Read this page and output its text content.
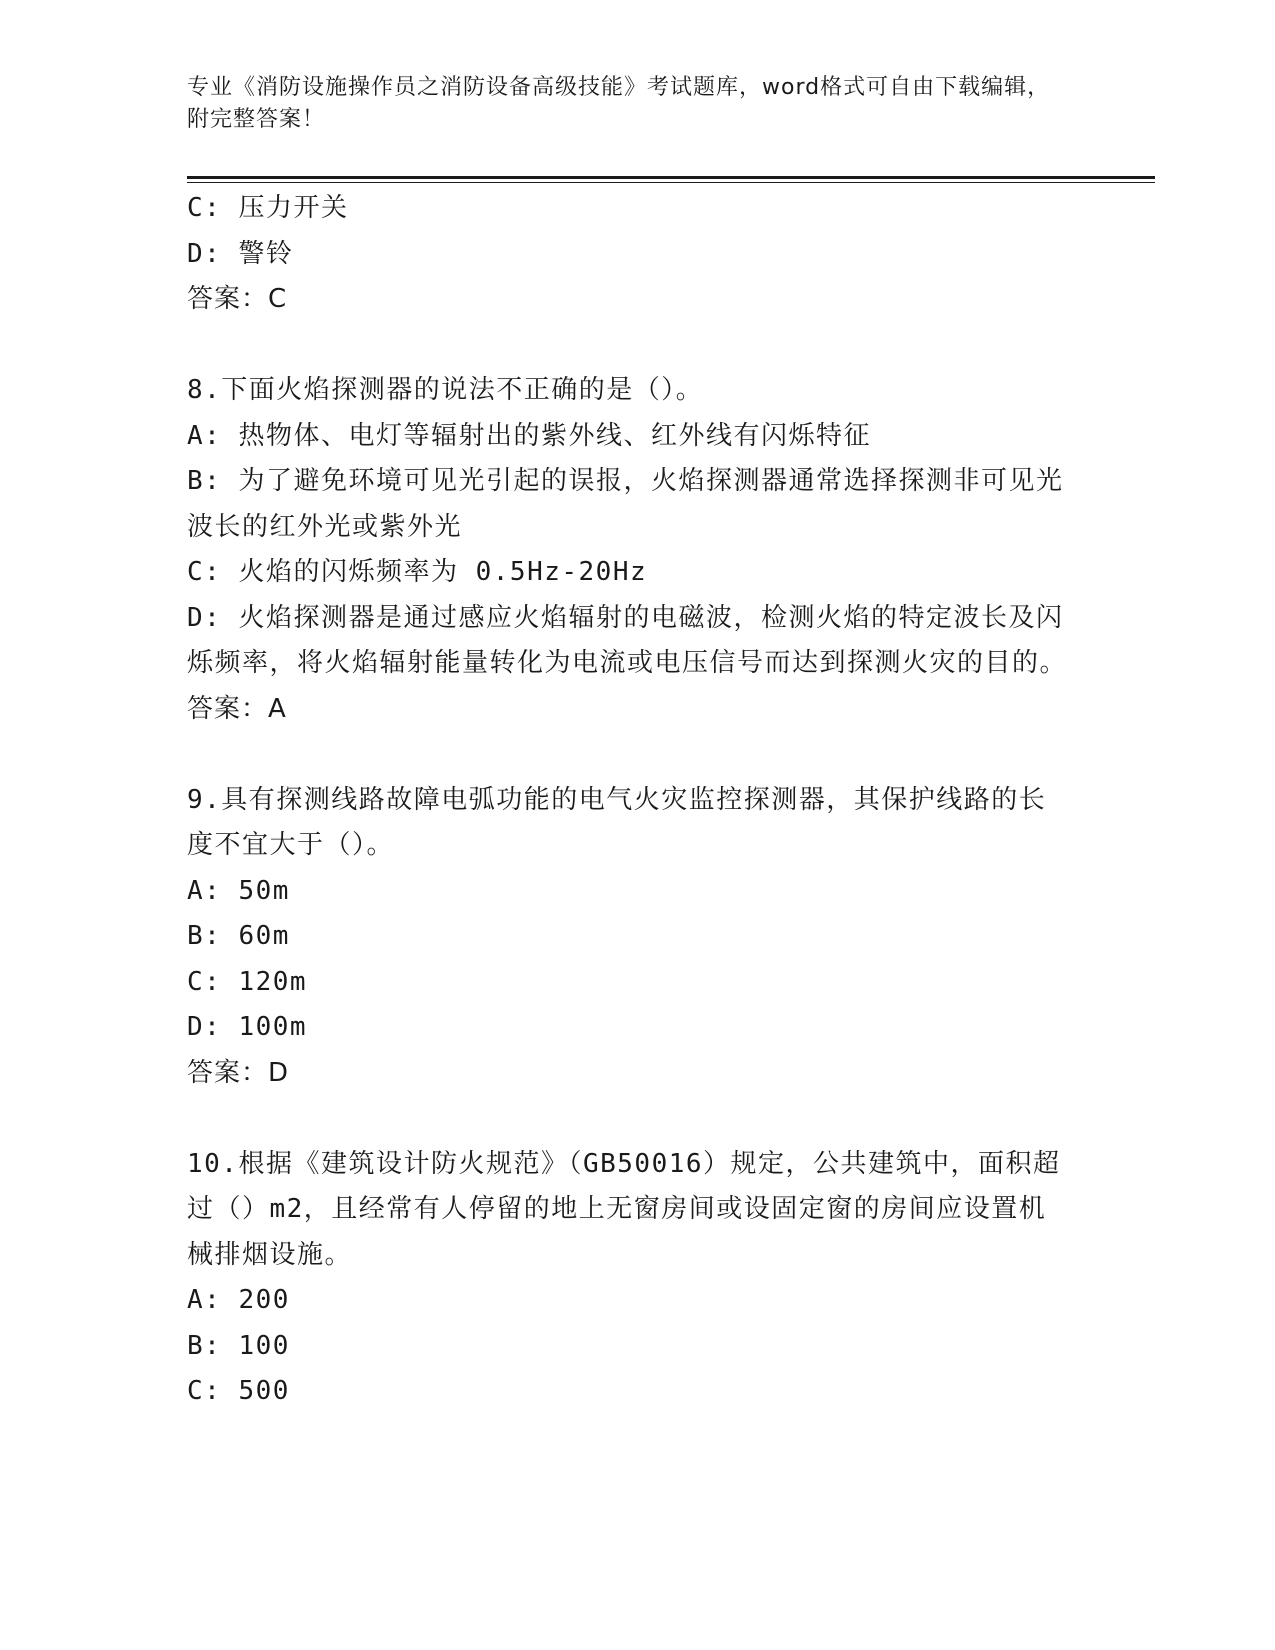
专业《消防设施操作员之消防设备高级技能》考试题库，word格式可自由下载编辑，附完整答案！

C: 压力开关

D: 警铃

答案：C

8.下面火焰探测器的说法不正确的是（）。

A: 热物体、电灯等辐射出的紫外线、红外线有闪烁特征

B: 为了避免环境可见光引起的误报，火焰探测器通常选择探测非可见光波长的红外光或紫外光

C: 火焰的闪烁频率为 0.5Hz-20Hz

D: 火焰探测器是通过感应火焰辐射的电磁波，检测火焰的特定波长及闪烁频率，将火焰辐射能量转化为电流或电压信号而达到探测火灾的目的。

答案：A

9.具有探测线路故障电弧功能的电气火灾监控探测器，其保护线路的长度不宜大于（）。

A: 50m

B: 60m

C: 120m

D: 100m

答案：D

10.根据《建筑设计防火规范》（GB50016）规定，公共建筑中，面积超过（）m2，且经常有人停留的地上无窗房间或设固定窗的房间应设置机械排烟设施。

A: 200

B: 100

C: 500
